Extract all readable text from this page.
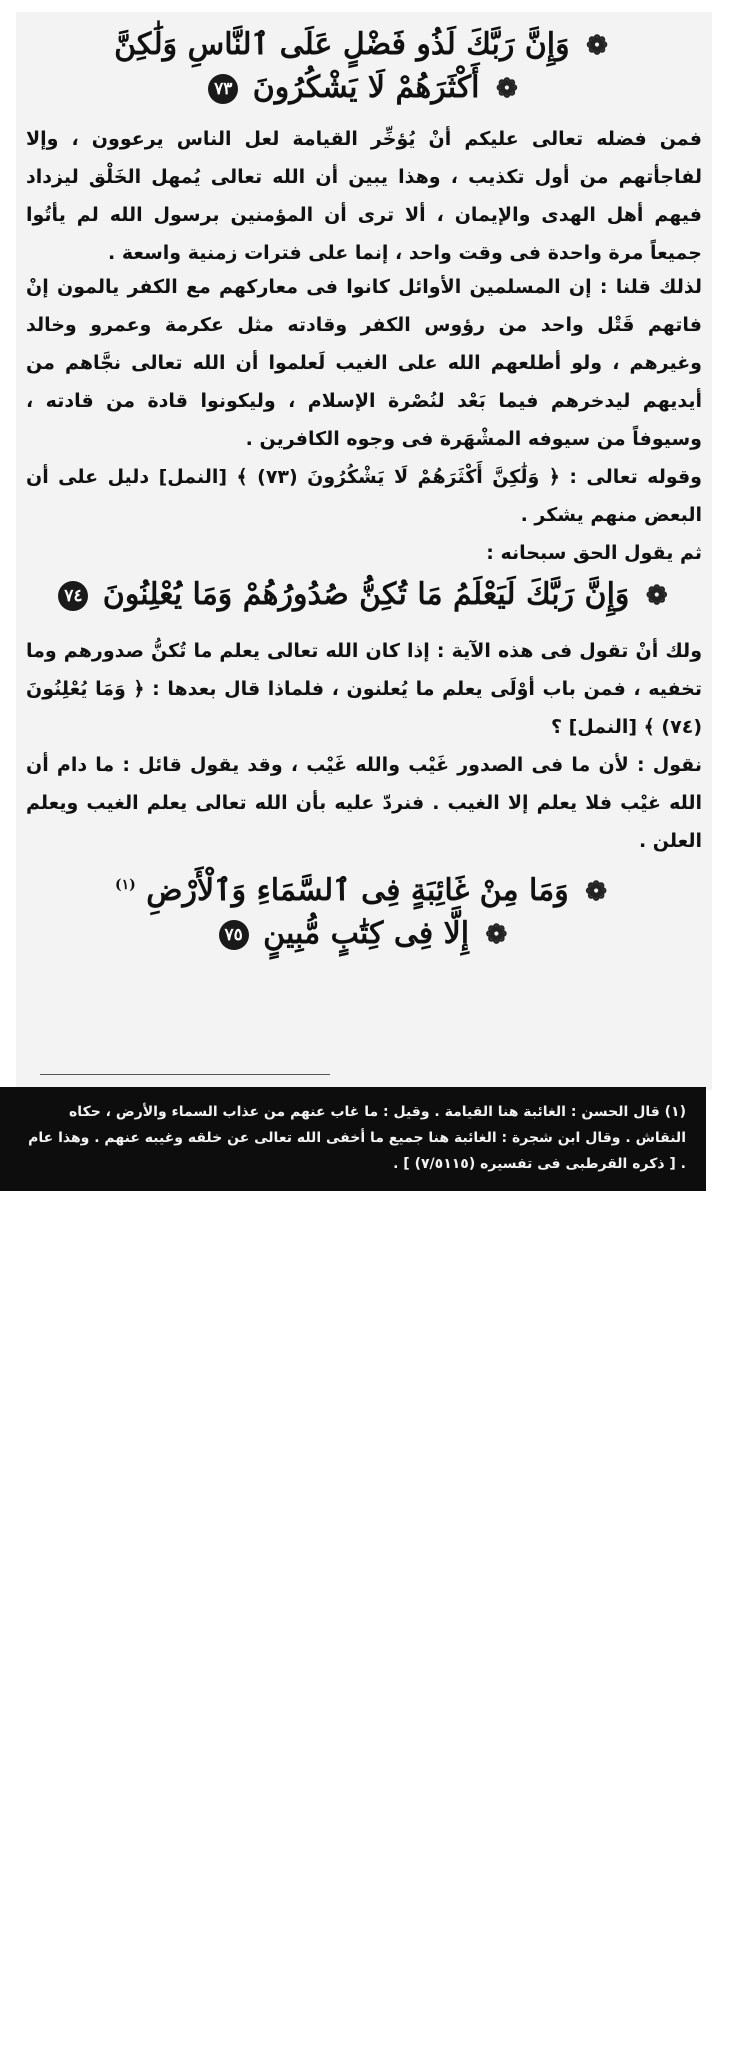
❁ وَإِنَّ رَبَّكَ لَذُو فَضْلٍ عَلَى ٱلنَّاسِ وَلَٰكِنَّ
❁ أَكْثَرَهُمْ لَا يَشْكُرُونَ ٧٣
فمن فضله تعالى عليكم أنْ يُؤخِّر القيامة لعل الناس يرعوون ، وإلا لفاجأتهم من أول تكذيب ، وهذا يبين أن الله تعالى يُمهل الخَلْق ليزداد فيهم أهل الهدى والإيمان ، ألا ترى أن المؤمنين برسول الله لم يأتُوا جميعاً مرة واحدة فى وقت واحد ، إنما على فترات زمنية واسعة .
لذلك قلنا : إن المسلمين الأوائل كانوا فى معاركهم مع الكفر يالمون إنْ فاتهم قَتْل واحد من رؤوس الكفر وقادته مثل عكرمة وعمرو وخالد وغيرهم ، ولو أطلعهم الله على الغيب لَعلموا أن الله تعالى نجَّاهم من أيديهم ليدخرهم فيما بَعْد لنُصْرة الإسلام ، وليكونوا قادة من قادته ، وسيوفاً من سيوفه المشْهَرة فى وجوه الكافرين .
وقوله تعالى : ﴿ وَلَٰكِنَّ أَكْثَرَهُمْ لَا يَشْكُرُونَ (٧٣) ﴾ [النمل] دليل على أن البعض منهم يشكر .
ثم يقول الحق سبحانه :
❁ وَإِنَّ رَبَّكَ لَيَعْلَمُ مَا تُكِنُّ صُدُورُهُمْ وَمَا يُعْلِنُونَ ٧٤
ولك أنْ تقول فى هذه الآية : إذا كان الله تعالى يعلم ما تُكنُّ صدورهم وما تخفيه ، فمن باب أوْلَى يعلم ما يُعلنون ، فلماذا قال بعدها : ﴿ وَمَا يُعْلِنُونَ (٧٤) ﴾ [النمل] ؟
نقول : لأن ما فى الصدور غَيْب والله غَيْب ، وقد يقول قائل : ما دام أن الله غيْب فلا يعلم إلا الغيب . فنردّ عليه بأن الله تعالى يعلم الغيب ويعلم العلن .
❁ وَمَا مِنْ غَائِبَةٍ فِى ٱلسَّمَاءِ وَٱلْأَرْضِ $^{(١)}$
❁ إِلَّا فِى كِتَٰبٍ مُّبِينٍ ٧٥
(١) قال الحسن : الغائبة هنا القيامة . وقيل : ما غاب عنهم من عذاب السماء والأرض ، حكاه النقاش . وقال ابن شجرة : الغائبة هنا جميع ما أخفى الله تعالى عن خلقه وغيبه عنهم . وهذا عام . [ ذكره القرطبى فى تفسيره (٧/٥١١٥) ] .
